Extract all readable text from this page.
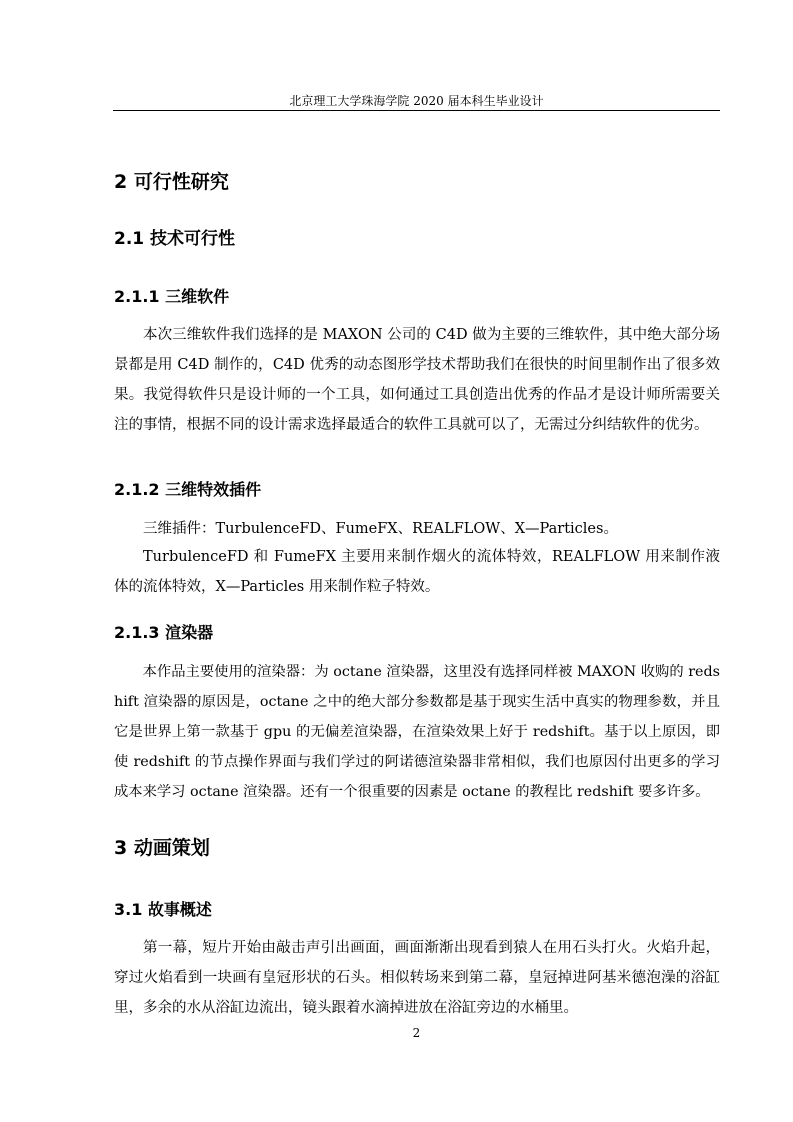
北京理工大学珠海学院 2020 届本科生毕业设计
2 可行性研究
2.1 技术可行性
2.1.1 三维软件

本次三维软件我们选择的是 MAXON 公司的 C4D 做为主要的三维软件，其中绝大部分场景都是用 C4D 制作的，C4D 优秀的动态图形学技术帮助我们在很快的时间里制作出了很多效果。我觉得软件只是设计师的一个工具，如何通过工具创造出优秀的作品才是设计师所需要关注的事情，根据不同的设计需求选择最适合的软件工具就可以了，无需过分纠结软件的优劣。

2.1.2 三维特效插件

三维插件：TurbulenceFD、FumeFX、REALFLOW、X—Particles。

TurbulenceFD 和 FumeFX 主要用来制作烟火的流体特效，REALFLOW 用来制作液体的流体特效，X—Particles 用来制作粒子特效。

2.1.3 渲染器

本作品主要使用的渲染器：为 octane 渲染器，这里没有选择同样被 MAXON 收购的 redshift 渲染器的原因是，octane 之中的绝大部分参数都是基于现实生活中真实的物理参数，并且它是世界上第一款基于 gpu 的无偏差渲染器，在渲染效果上好于 redshift。基于以上原因，即使 redshift 的节点操作界面与我们学过的阿诺德渲染器非常相似，我们也原因付出更多的学习成本来学习 octane 渲染器。还有一个很重要的因素是 octane 的教程比 redshift 要多许多。

3 动画策划
3.1 故事概述

第一幕，短片开始由敲击声引出画面，画面渐渐出现看到猿人在用石头打火。火焰升起，穿过火焰看到一块画有皇冠形状的石头。相似转场来到第二幕，皇冠掉进阿基米德泡澡的浴缸里，多余的水从浴缸边流出，镜头跟着水滴掉进放在浴缸旁边的水桶里。

2
